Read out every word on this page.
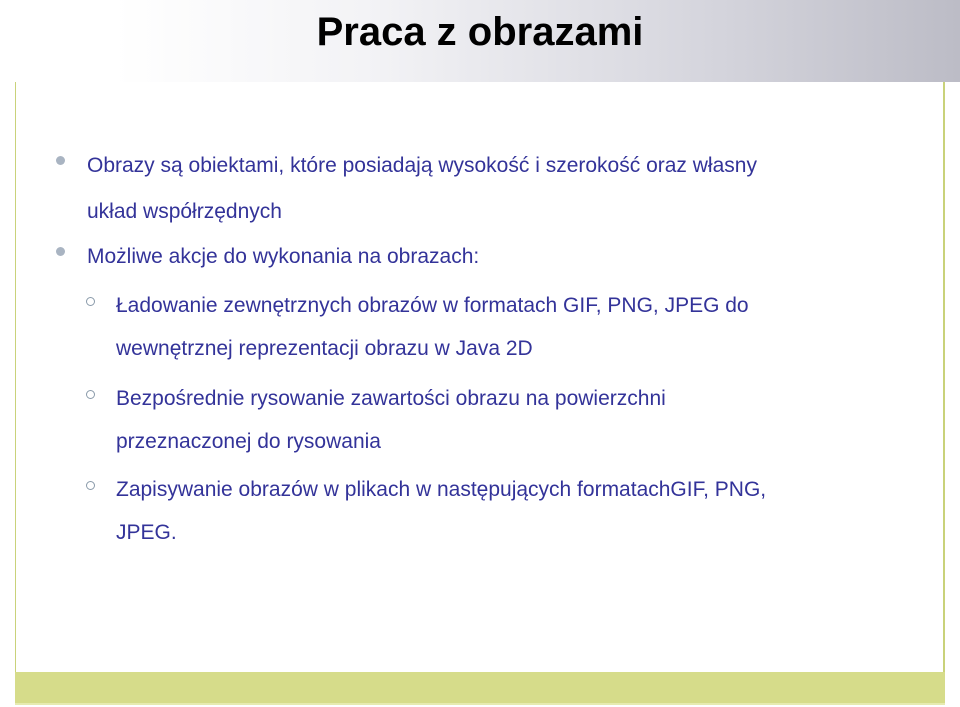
Praca z obrazami
Obrazy są obiektami, które posiadają wysokość i szerokość oraz własny
układ współrzędnych
Możliwe akcje do wykonania na obrazach:
Ładowanie zewnętrznych obrazów w formatach GIF, PNG, JPEG do
wewnętrznej reprezentacji obrazu w Java 2D
Bezpośrednie rysowanie zawartości obrazu na powierzchni
przeznaczonej do rysowania
Zapisywanie obrazów w plikach w następujących formatachGIF, PNG,
JPEG.
